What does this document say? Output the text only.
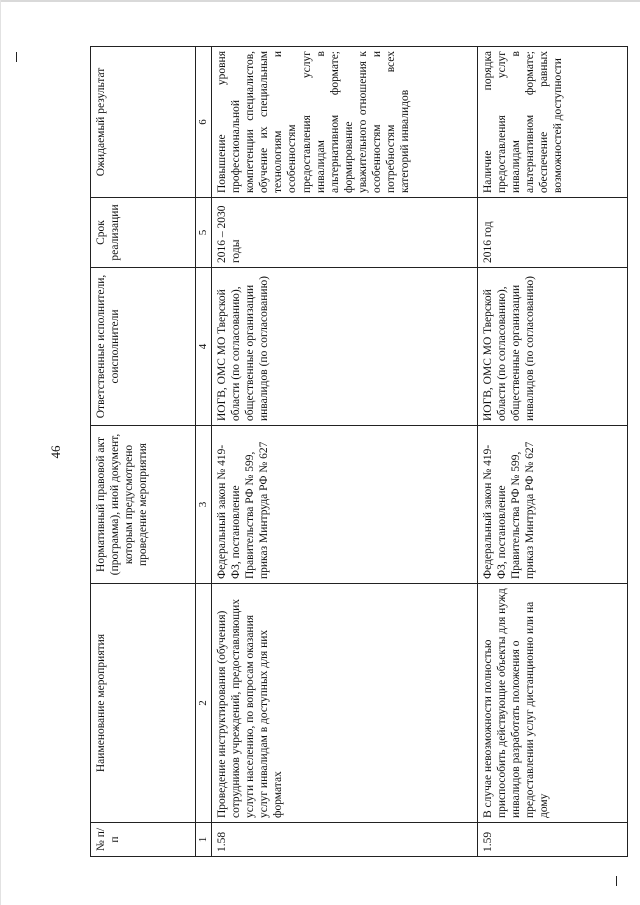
46
№ п/п	Наименование мероприятия	Нормативный правовой акт (программа), иной документ, которым предусмотрено проведение мероприятия	Ответственные исполнители, соисполнители	Срок реализации	Ожидаемый результат
1	2	3	4	5	6
1.58	Проведение инструктирования (обучения) сотрудников учреждений, предоставляющих услуги населению, по вопросам оказания услуг инвалидам в доступных для них форматах	Федеральный закон № 419-ФЗ, постановление Правительства РФ № 599, приказ Минтруда РФ № 627	ИОГВ, ОМС МО Тверской области (по согласованию), общественные организации инвалидов (по согласованию)	2016 – 2030 годы	Повышение уровня профессиональной компетенции специалистов, обучение их специальным технологиям и особенностям предоставления услуг инвалидам в альтернативном формате; формирование уважительного отношения к особенностям и потребностям всех категорий инвалидов
1.59	В случае невозможности полностью приспособить действующие объекты для нужд инвалидов разработать положения о предоставлении услуг дистанционно или на дому	Федеральный закон № 419-ФЗ, постановление Правительства РФ № 599, приказ Минтруда РФ № 627	ИОГВ, ОМС МО Тверской области (по согласованию), общественные организации инвалидов (по согласованию)	2016 год	Наличие порядка предоставления услуг инвалидам в альтернативном формате; обеспечение равных возможностей доступности
